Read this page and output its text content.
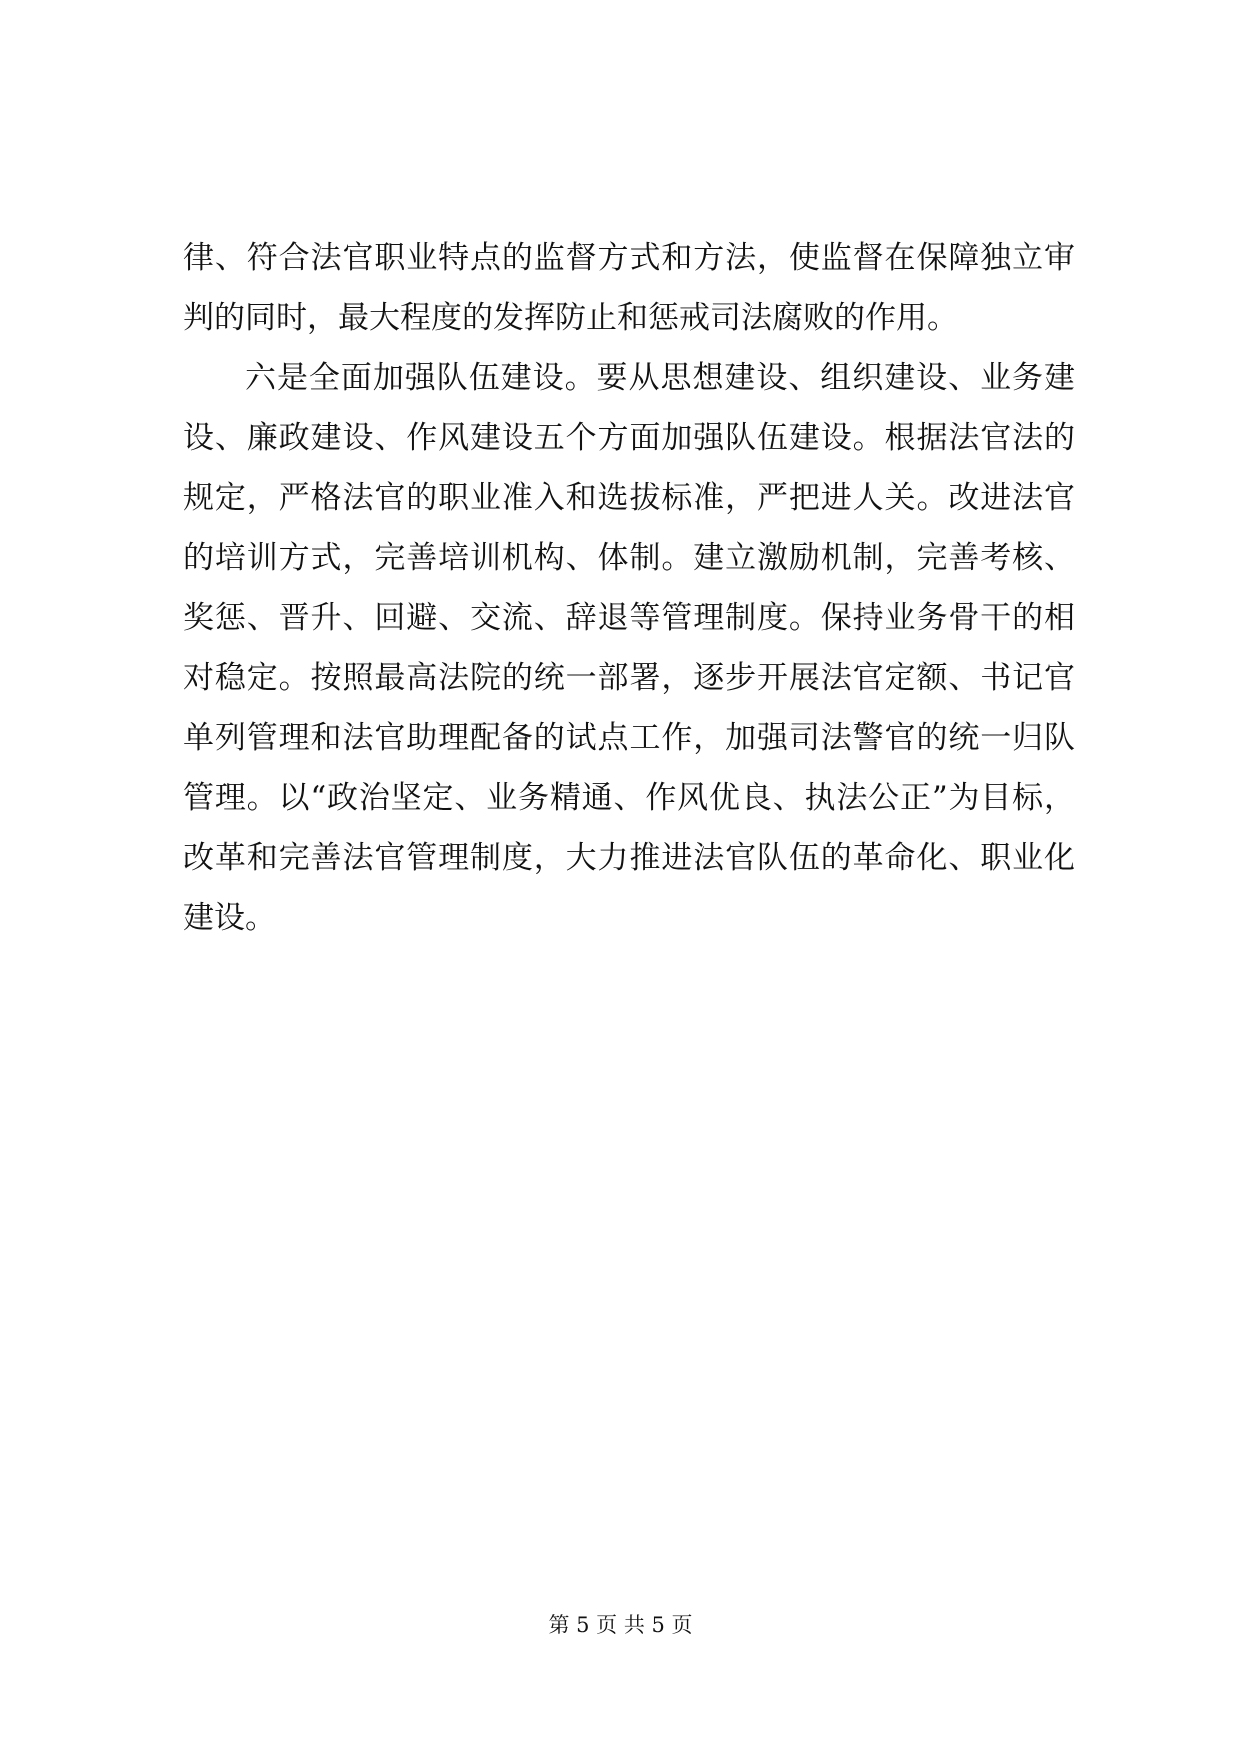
律、符合法官职业特点的监督方式和方法，使监督在保障独立审
判的同时，最大程度的发挥防止和惩戒司法腐败的作用。
六是全面加强队伍建设。要从思想建设、组织建设、业务建
设、廉政建设、作风建设五个方面加强队伍建设。根据法官法的
规定，严格法官的职业准入和选拔标准，严把进人关。改进法官
的培训方式，完善培训机构、体制。建立激励机制，完善考核、
奖惩、晋升、回避、交流、辞退等管理制度。保持业务骨干的相
对稳定。按照最高法院的统一部署，逐步开展法官定额、书记官
单列管理和法官助理配备的试点工作，加强司法警官的统一归队
管理。以“政治坚定、业务精通、作风优良、执法公正”为目标，
改革和完善法官管理制度，大力推进法官队伍的革命化、职业化
建设。
第 5 页 共 5 页
